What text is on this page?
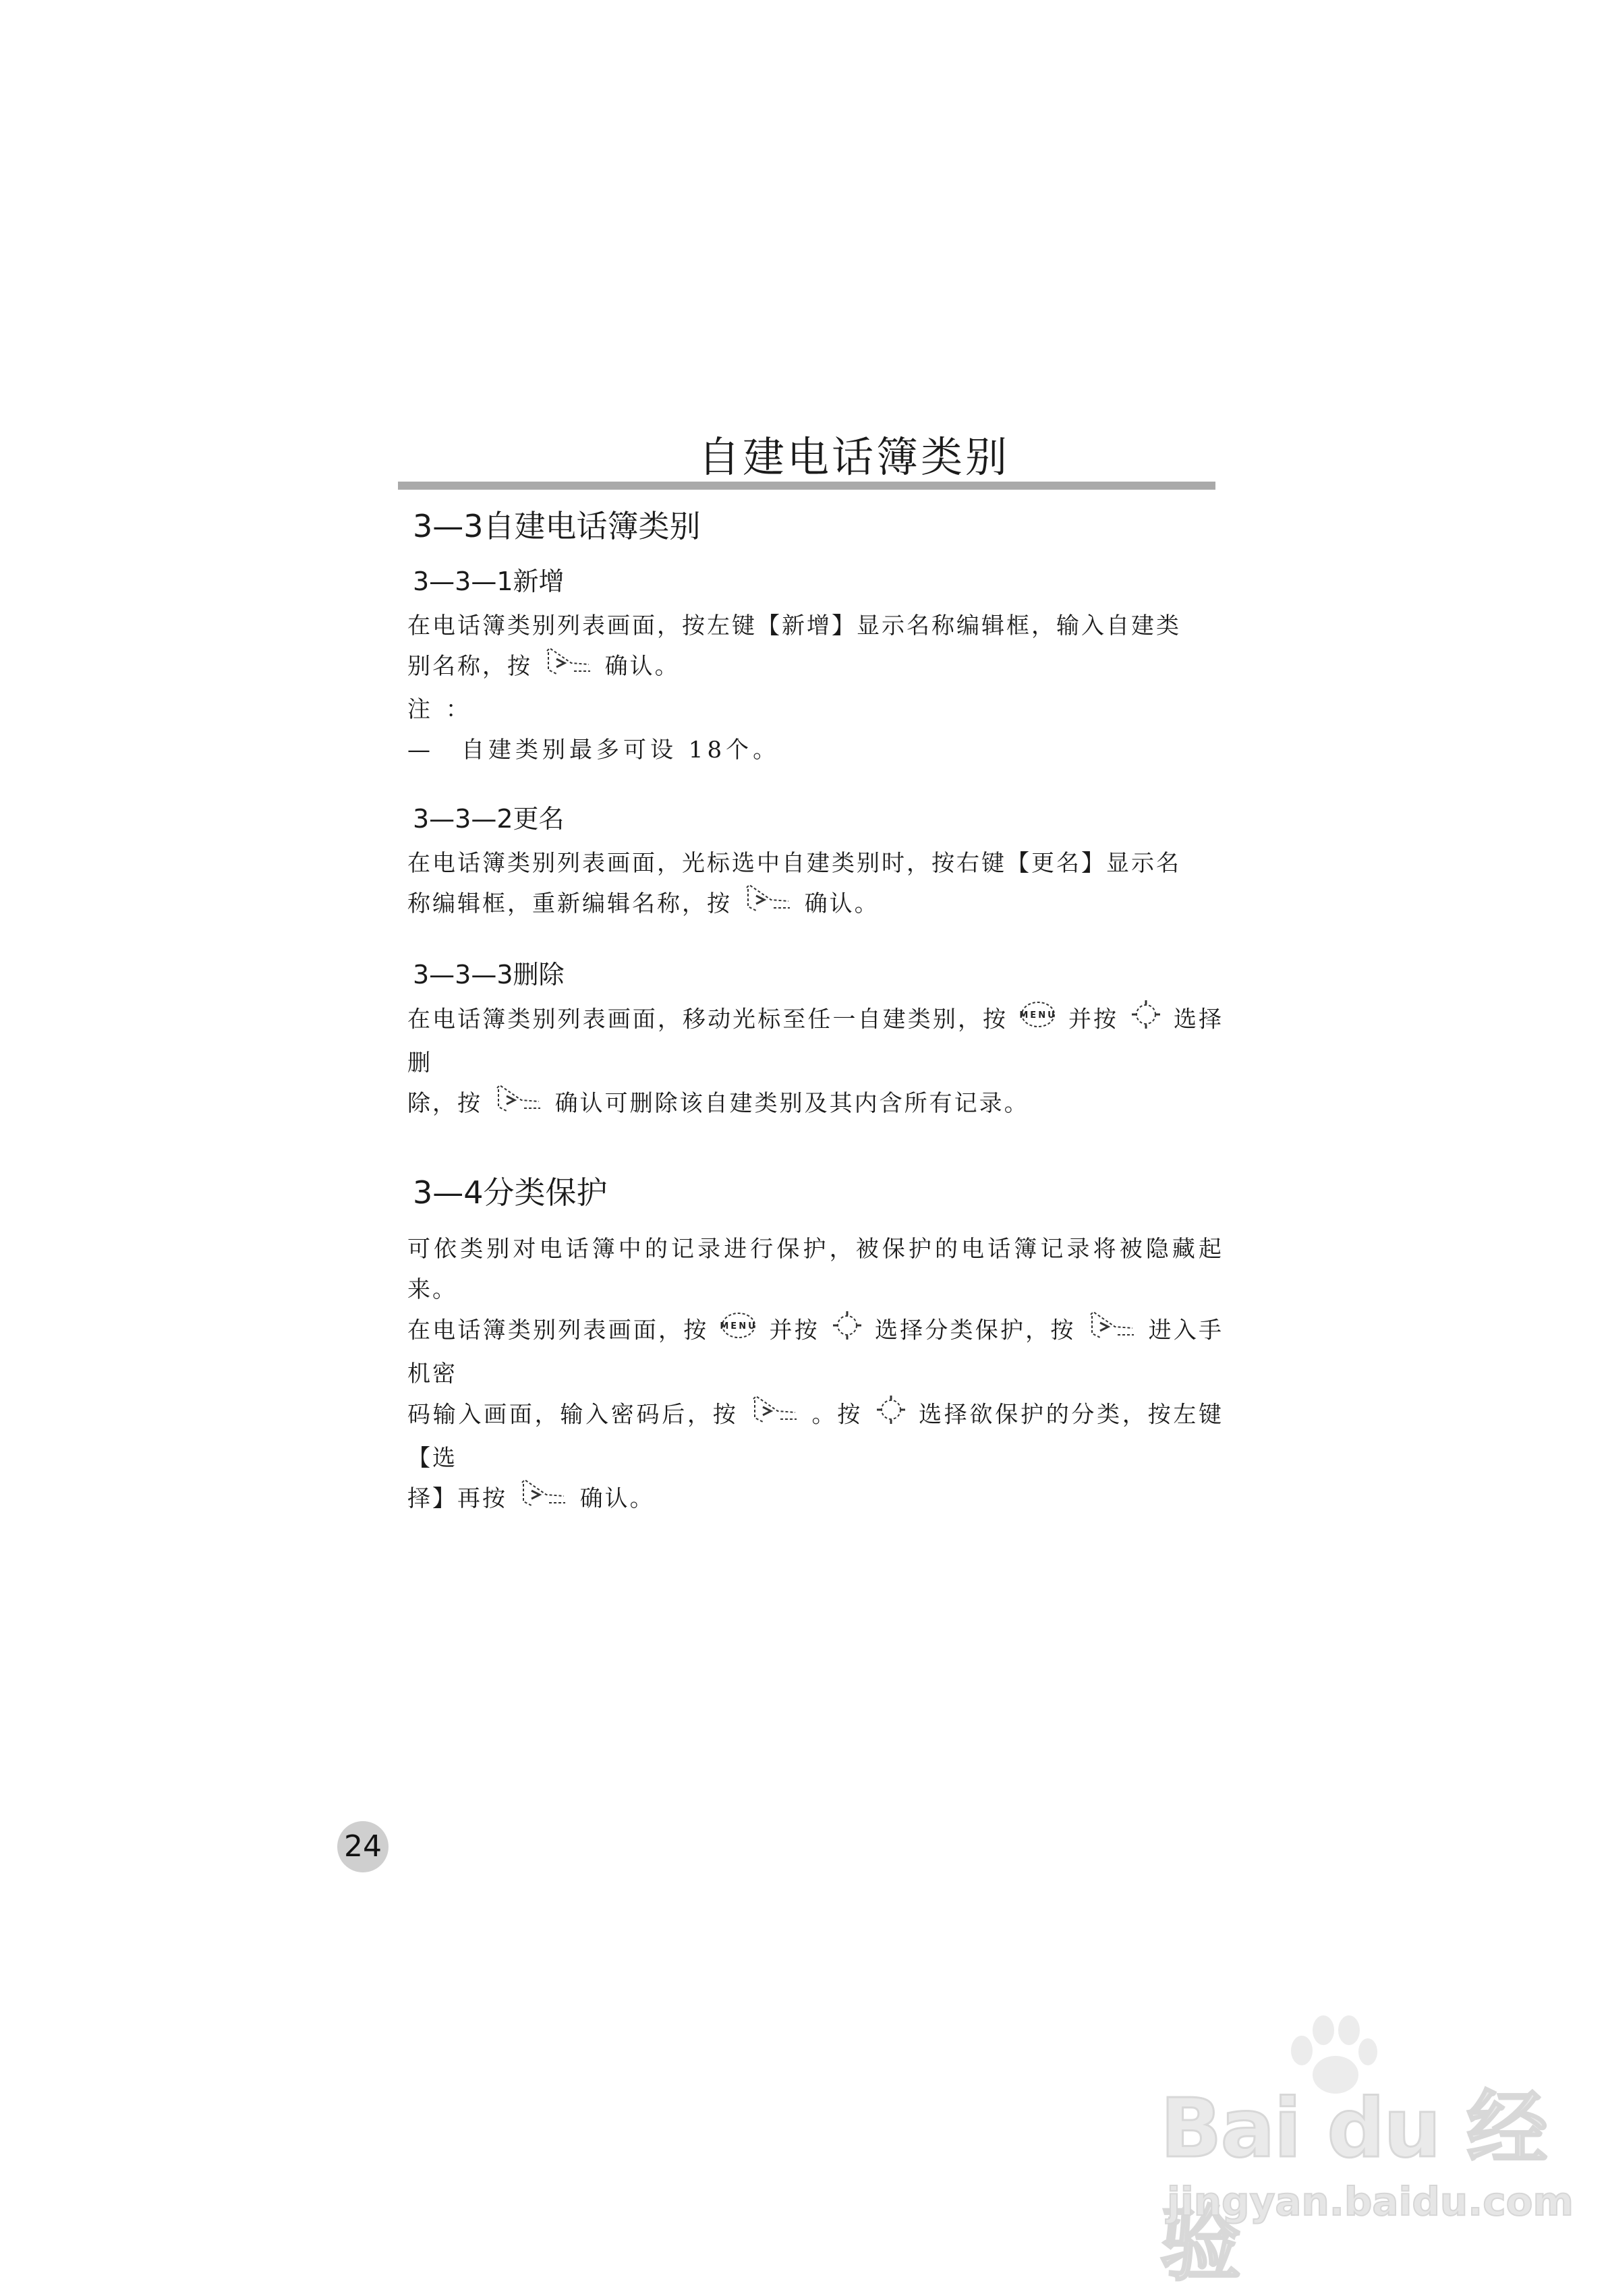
自建电话簿类别
3—3自建电话簿类别
3—3—1新增

在电话簿类别列表画面，按左键【新增】显示名称编辑框，输入自建类

别名称，按	确认。

注 ：

—　自建类别最多可设 18个。

3—3—2更名

在电话簿类别列表画面，光标选中自建类别时，按右键【更名】显示名

称编辑框，重新编辑名称，按	确认。

3—3—3删除

在电话簿类别列表画面，移动光标至任一自建类别，按 MENU 并按 选择删

除，按	确认可删除该自建类别及其内含所有记录。

3—4分类保护

可依类别对电话簿中的记录进行保护，被保护的电话簿记录将被隐藏起来。

在电话簿类别列表画面，按 MENU 并按 选择分类保护，按	进入手机密

码输入画面，输入密码后，按	。按 选择欲保护的分类，按左键【选

择】再按	确认。

24
Bai du 经验
jingyan.baidu.com
